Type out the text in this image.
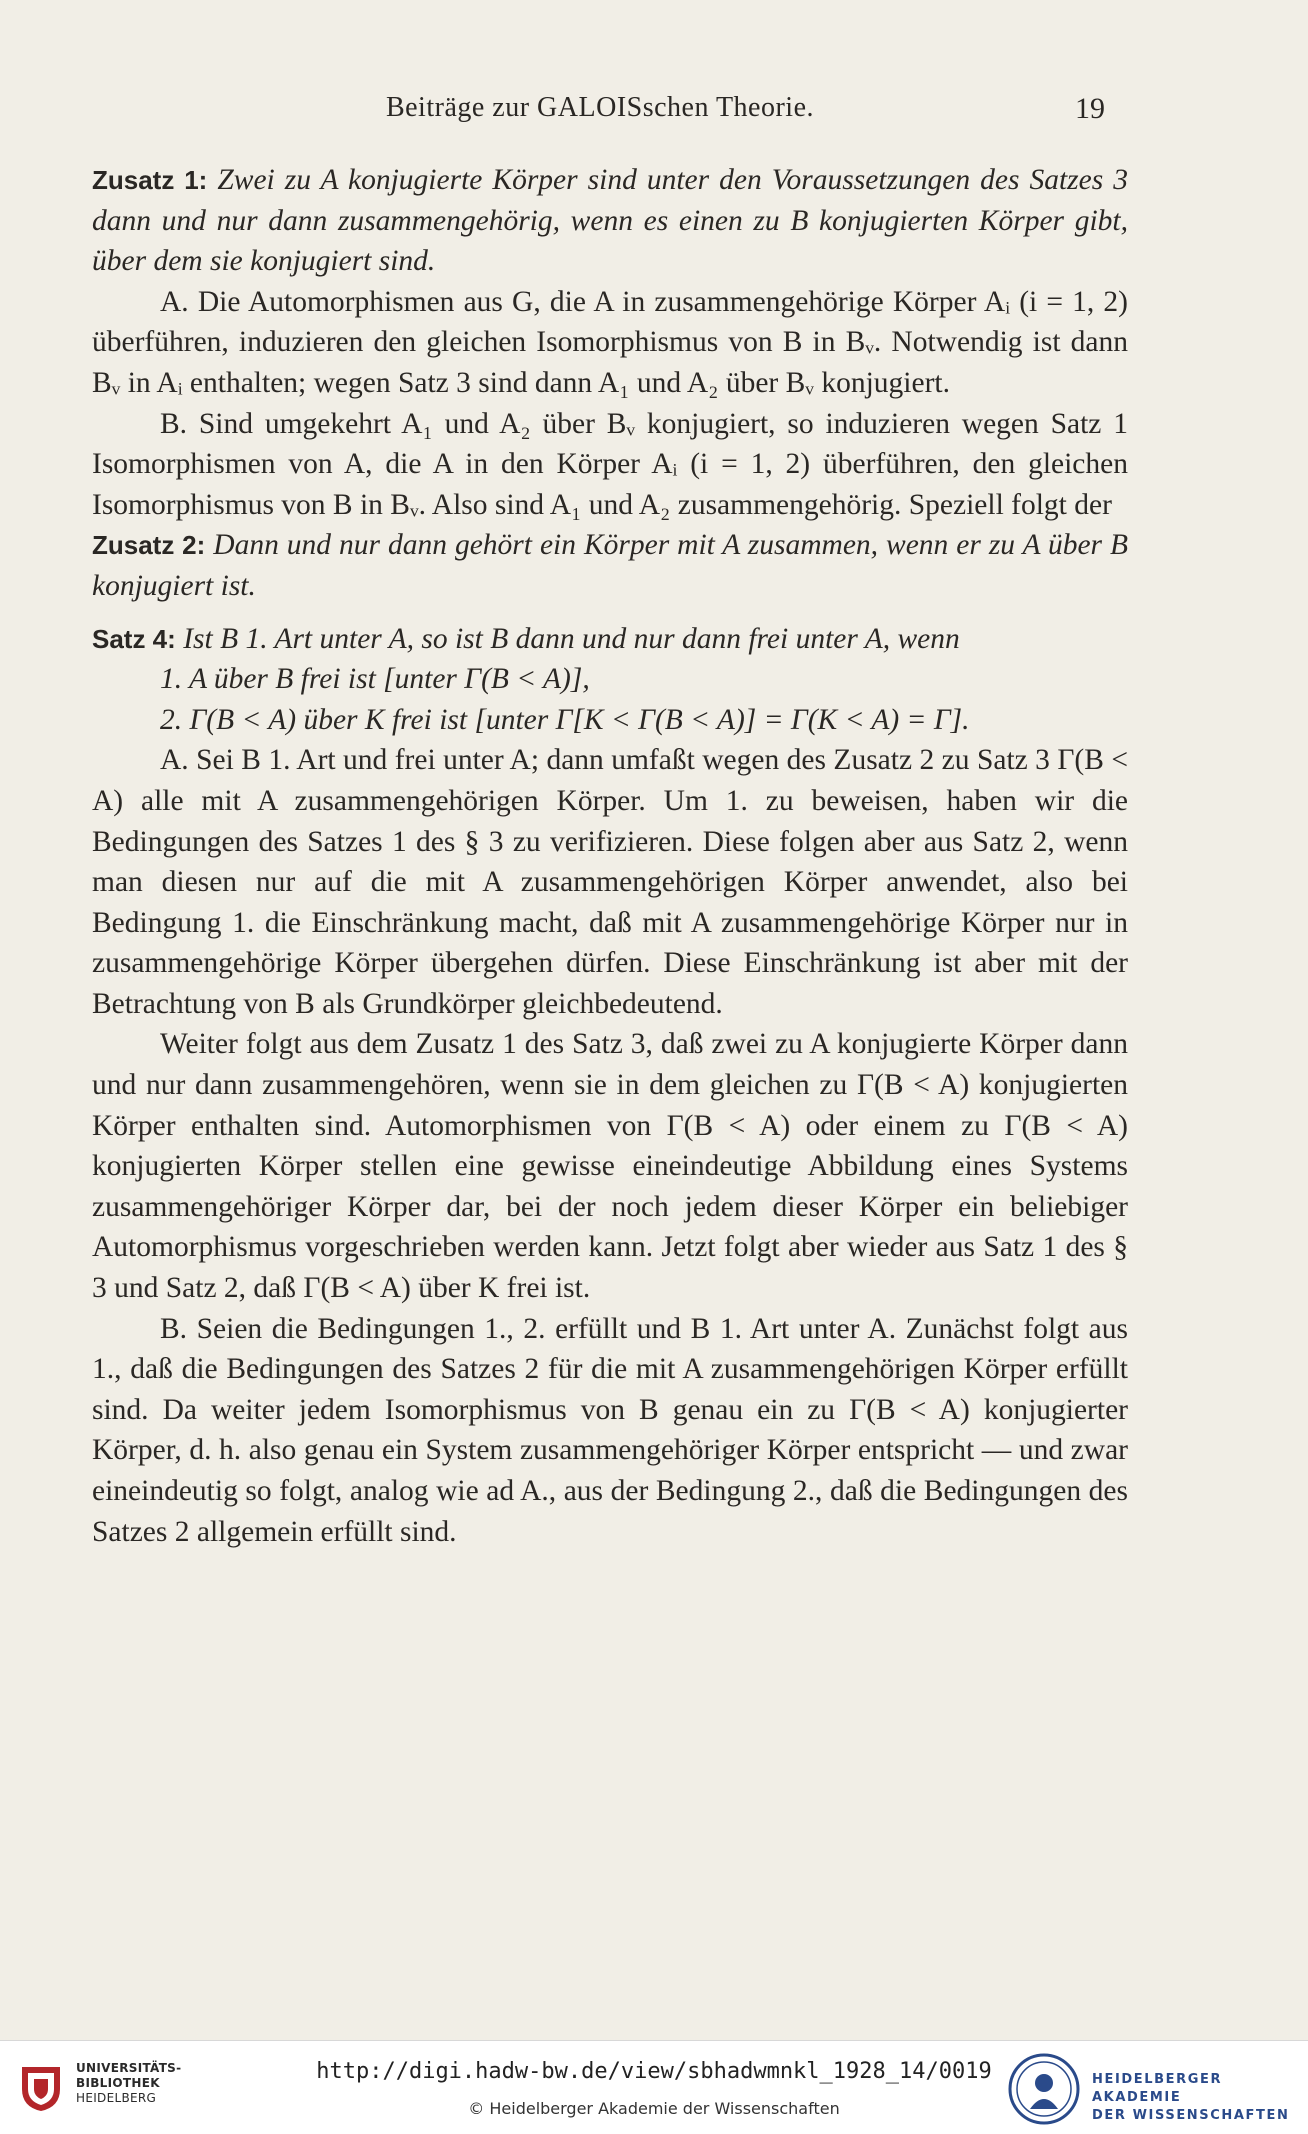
Beiträge zur GALOISschen Theorie.	19

Zusatz 1: Zwei zu A konjugierte Körper sind unter den Voraussetzungen des Satzes 3 dann und nur dann zusammengehörig, wenn es einen zu B konjugierten Körper gibt, über dem sie konjugiert sind.

A. Die Automorphismen aus G, die A in zusammengehörige Körper Aᵢ (i = 1, 2) überführen, induzieren den gleichen Isomorphismus von B in Bᵥ. Notwendig ist dann Bᵥ in Aᵢ enthalten; wegen Satz 3 sind dann A₁ und A₂ über Bᵥ konjugiert.

B. Sind umgekehrt A₁ und A₂ über Bᵥ konjugiert, so induzieren wegen Satz 1 Isomorphismen von A, die A in den Körper Aᵢ (i = 1, 2) überführen, den gleichen Isomorphismus von B in Bᵥ. Also sind A₁ und A₂ zusammengehörig. Speziell folgt der

Zusatz 2: Dann und nur dann gehört ein Körper mit A zusammen, wenn er zu A über B konjugiert ist.

Satz 4: Ist B 1. Art unter A, so ist B dann und nur dann frei unter A, wenn

1. A über B frei ist [unter Γ(B < A)],

2. Γ(B < A) über K frei ist [unter Γ[K < Γ(B < A)] = Γ(K < A) = Γ].

A. Sei B 1. Art und frei unter A; dann umfaßt wegen des Zusatz 2 zu Satz 3 Γ(B < A) alle mit A zusammengehörigen Körper. Um 1. zu beweisen, haben wir die Bedingungen des Satzes 1 des § 3 zu verifizieren. Diese folgen aber aus Satz 2, wenn man diesen nur auf die mit A zusammengehörigen Körper anwendet, also bei Bedingung 1. die Einschränkung macht, daß mit A zusammengehörige Körper nur in zusammengehörige Körper übergehen dürfen. Diese Einschränkung ist aber mit der Betrachtung von B als Grundkörper gleichbedeutend.

Weiter folgt aus dem Zusatz 1 des Satz 3, daß zwei zu A konjugierte Körper dann und nur dann zusammengehören, wenn sie in dem gleichen zu Γ(B < A) konjugierten Körper enthalten sind. Automorphismen von Γ(B < A) oder einem zu Γ(B < A) konjugierten Körper stellen eine gewisse eineindeutige Abbildung eines Systems zusammengehöriger Körper dar, bei der noch jedem dieser Körper ein beliebiger Automorphismus vorgeschrieben werden kann. Jetzt folgt aber wieder aus Satz 1 des § 3 und Satz 2, daß Γ(B < A) über K frei ist.

B. Seien die Bedingungen 1., 2. erfüllt und B 1. Art unter A. Zunächst folgt aus 1., daß die Bedingungen des Satzes 2 für die mit A zusammengehörigen Körper erfüllt sind. Da weiter jedem Isomorphismus von B genau ein zu Γ(B < A) konjugierter Körper, d. h. also genau ein System zusammengehöriger Körper entspricht — und zwar eineindeutig so folgt, analog wie ad A., aus der Bedingung 2., daß die Bedingungen des Satzes 2 allgemein erfüllt sind.

UNIVERSITÄTS-
BIBLIOTHEK
HEIDELBERG
http://digi.hadw-bw.de/view/sbhadwmnkl_1928_14/0019
© Heidelberger Akademie der Wissenschaften
HEIDELBERGER AKADEMIE
DER WISSENSCHAFTEN
